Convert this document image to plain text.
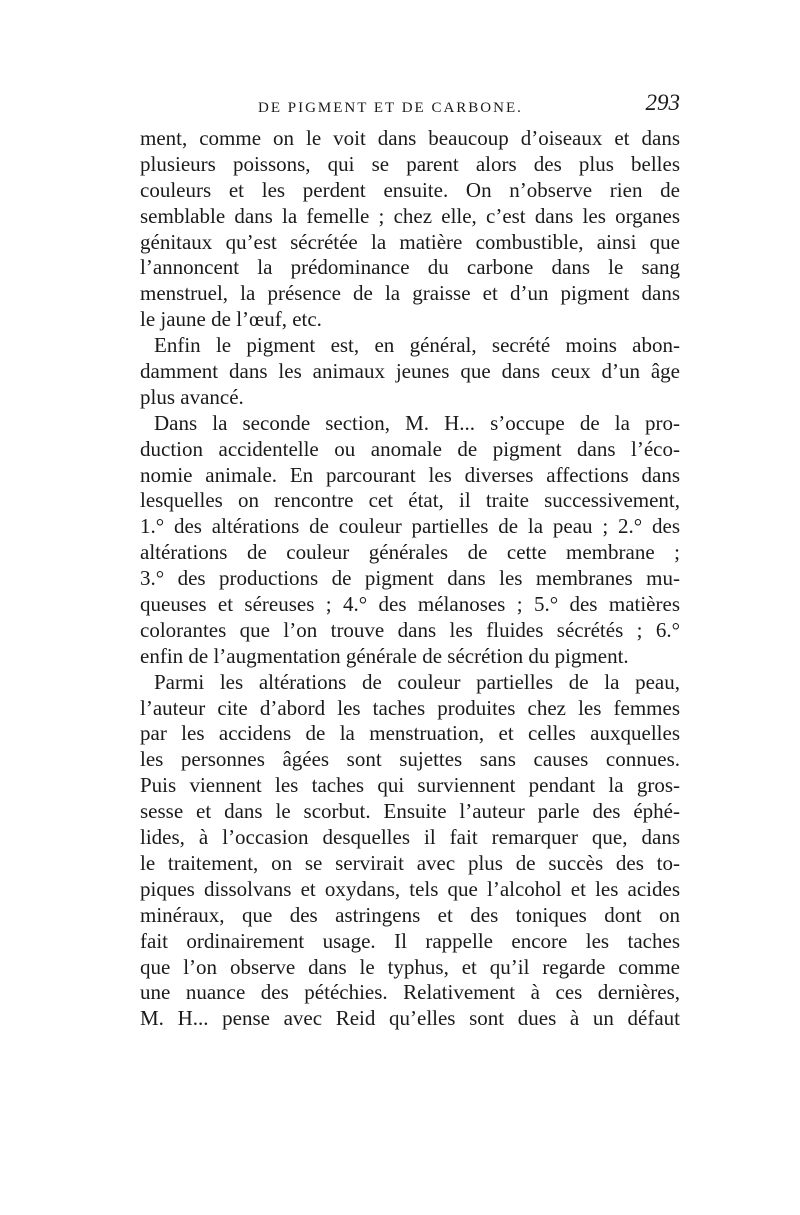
DE PIGMENT ET DE CARBONE.	293
ment, comme on le voit dans beaucoup d’oiseaux et dans
plusieurs poissons, qui se parent alors des plus belles
couleurs et les perdent ensuite. On n’observe rien de
semblable dans la femelle ; chez elle, c’est dans les organes
génitaux qu’est sécrétée la matière combustible, ainsi que
l’annoncent la prédominance du carbone dans le sang
menstruel, la présence de la graisse et d’un pigment dans
le jaune de l’œuf, etc.
Enfin le pigment est, en général, secrété moins abon-
damment dans les animaux jeunes que dans ceux d’un âge
plus avancé.
Dans la seconde section, M. H... s’occupe de la pro-
duction accidentelle ou anomale de pigment dans l’éco-
nomie animale. En parcourant les diverses affections dans
lesquelles on rencontre cet état, il traite successivement,
1.° des altérations de couleur partielles de la peau ; 2.° des
altérations de couleur générales de cette membrane ;
3.° des productions de pigment dans les membranes mu-
queuses et séreuses ; 4.° des mélanoses ; 5.° des matières
colorantes que l’on trouve dans les fluides sécrétés ; 6.°
enfin de l’augmentation générale de sécrétion du pigment.
Parmi les altérations de couleur partielles de la peau,
l’auteur cite d’abord les taches produites chez les femmes
par les accidens de la menstruation, et celles auxquelles
les personnes âgées sont sujettes sans causes connues.
Puis viennent les taches qui surviennent pendant la gros-
sesse et dans le scorbut. Ensuite l’auteur parle des éphé-
lides, à l’occasion desquelles il fait remarquer que, dans
le traitement, on se servirait avec plus de succès des to-
piques dissolvans et oxydans, tels que l’alcohol et les acides
minéraux, que des astringens et des toniques dont on
fait ordinairement usage. Il rappelle encore les taches
que l’on observe dans le typhus, et qu’il regarde comme
une nuance des pétéchies. Relativement à ces dernières,
M. H... pense avec Reid qu’elles sont dues à un défaut
